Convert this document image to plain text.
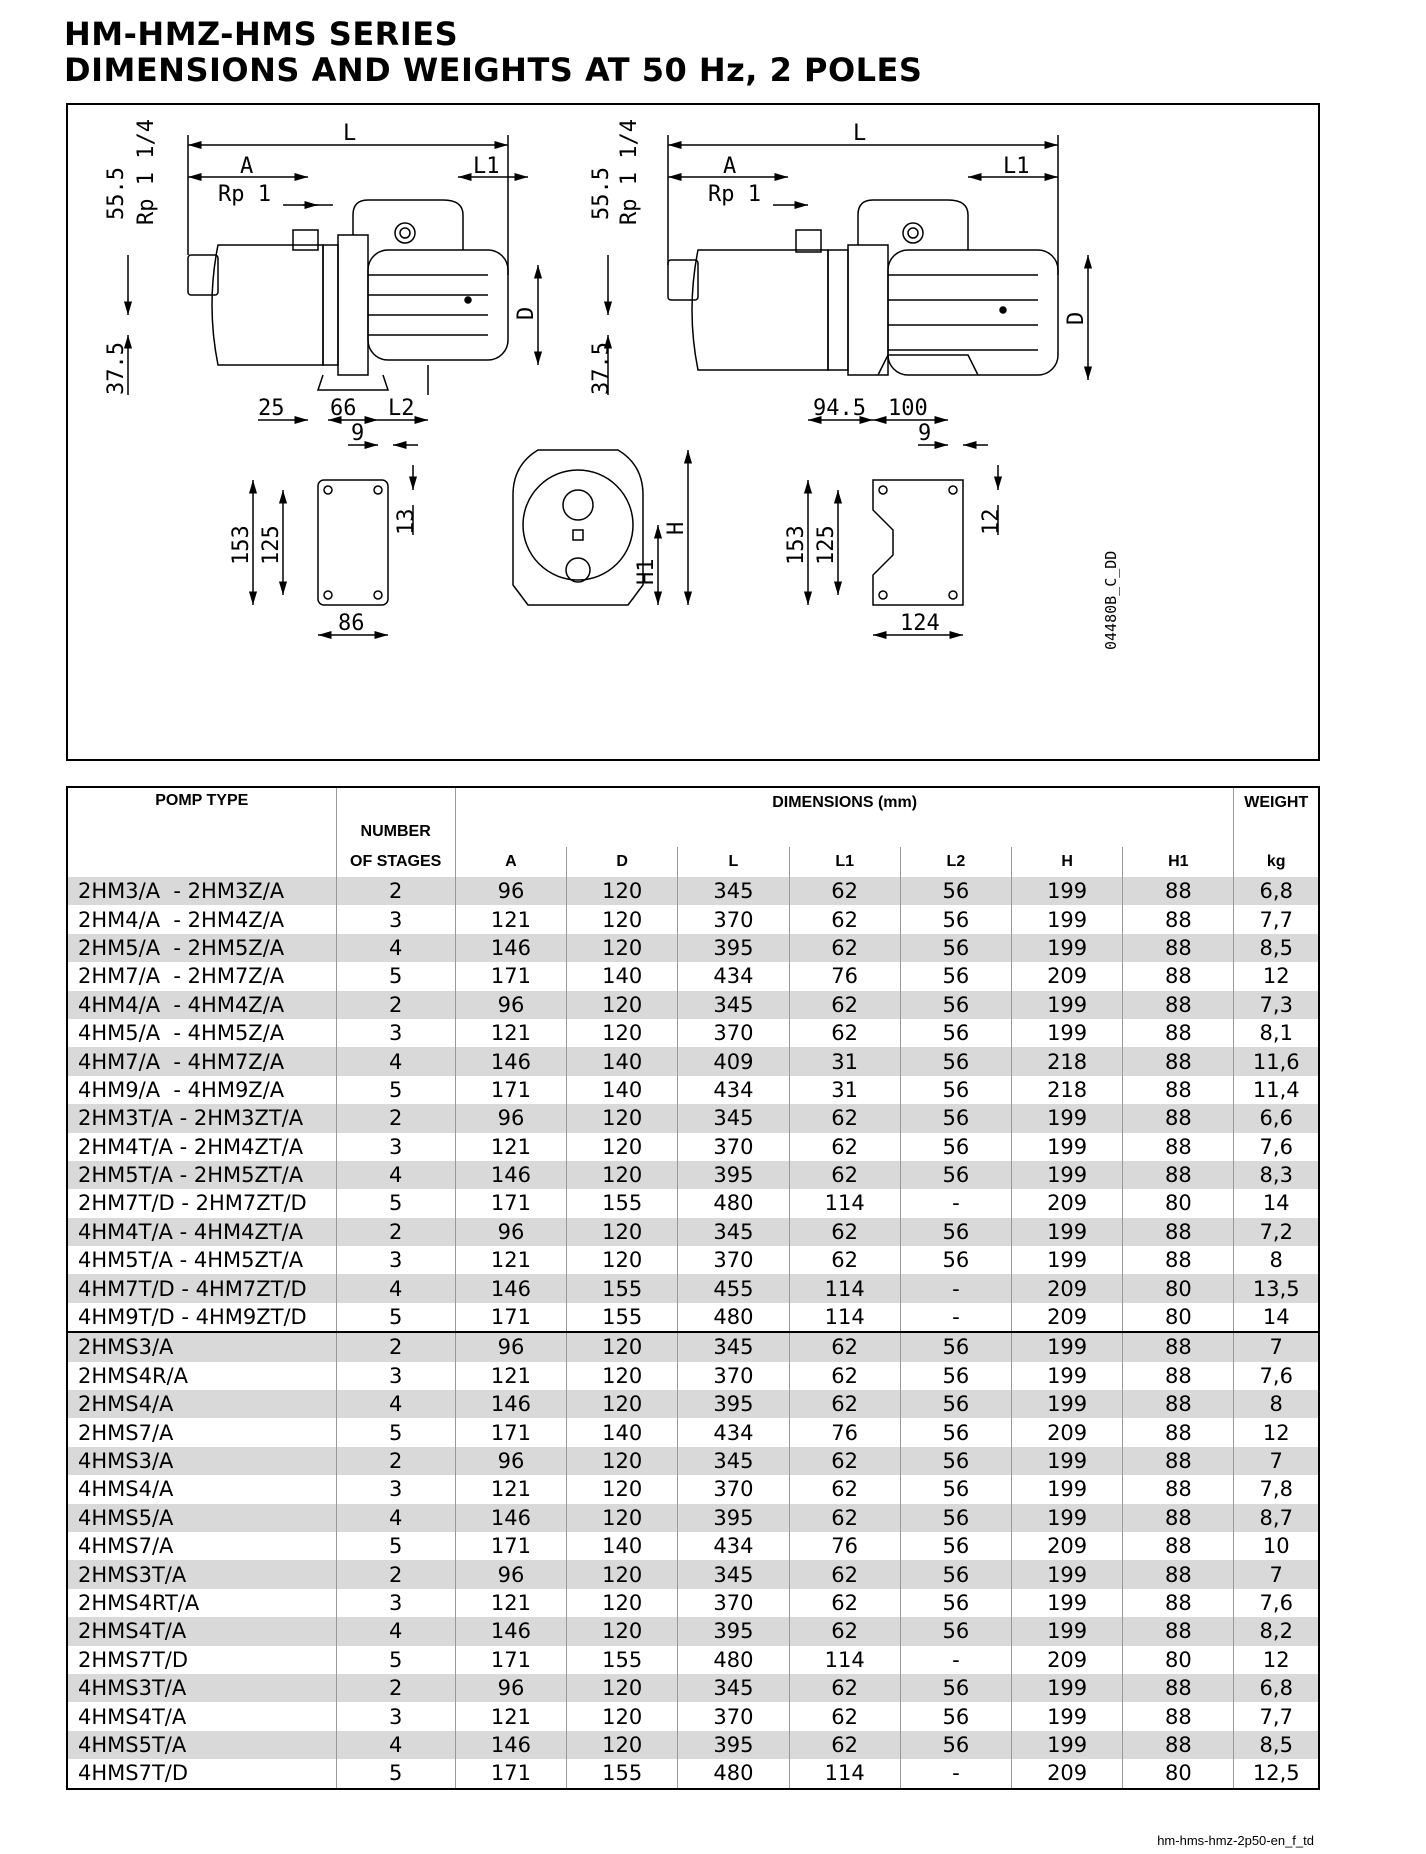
HM-HMZ-HMS SERIES
DIMENSIONS AND WEIGHTS AT 50 Hz, 2 POLES
L
A	L1
Rp 1
Rp 1 1/4
55.5
37.5
D
25 66 L2
L
A	L1
Rp 1
Rp 1 1/4
55.5
37.5
D
94.5 100
9
13
153 125
86
H
H1
9
12
153 125
124	04480B_C_DD
POMP TYPE		DIMENSIONS (mm)							WEIGHT
	NUMBER								
	OF STAGES	A	D	L	L1	L2	H	H1	kg
2HM3/A  - 2HM3Z/A	2	96	120	345	62	56	199	88	6,8
2HM4/A  - 2HM4Z/A	3	121	120	370	62	56	199	88	7,7
2HM5/A  - 2HM5Z/A	4	146	120	395	62	56	199	88	8,5
2HM7/A  - 2HM7Z/A	5	171	140	434	76	56	209	88	12
4HM4/A  - 4HM4Z/A	2	96	120	345	62	56	199	88	7,3
4HM5/A  - 4HM5Z/A	3	121	120	370	62	56	199	88	8,1
4HM7/A  - 4HM7Z/A	4	146	140	409	31	56	218	88	11,6
4HM9/A  - 4HM9Z/A	5	171	140	434	31	56	218	88	11,4
2HM3T/A - 2HM3ZT/A	2	96	120	345	62	56	199	88	6,6
2HM4T/A - 2HM4ZT/A	3	121	120	370	62	56	199	88	7,6
2HM5T/A - 2HM5ZT/A	4	146	120	395	62	56	199	88	8,3
2HM7T/D - 2HM7ZT/D	5	171	155	480	114	-	209	80	14
4HM4T/A - 4HM4ZT/A	2	96	120	345	62	56	199	88	7,2
4HM5T/A - 4HM5ZT/A	3	121	120	370	62	56	199	88	8
4HM7T/D - 4HM7ZT/D	4	146	155	455	114	-	209	80	13,5
4HM9T/D - 4HM9ZT/D	5	171	155	480	114	-	209	80	14
2HMS3/A	2	96	120	345	62	56	199	88	7
2HMS4R/A	3	121	120	370	62	56	199	88	7,6
2HMS4/A	4	146	120	395	62	56	199	88	8
2HMS7/A	5	171	140	434	76	56	209	88	12
4HMS3/A	2	96	120	345	62	56	199	88	7
4HMS4/A	3	121	120	370	62	56	199	88	7,8
4HMS5/A	4	146	120	395	62	56	199	88	8,7
4HMS7/A	5	171	140	434	76	56	209	88	10
2HMS3T/A	2	96	120	345	62	56	199	88	7
2HMS4RT/A	3	121	120	370	62	56	199	88	7,6
2HMS4T/A	4	146	120	395	62	56	199	88	8,2
2HMS7T/D	5	171	155	480	114	-	209	80	12
4HMS3T/A	2	96	120	345	62	56	199	88	6,8
4HMS4T/A	3	121	120	370	62	56	199	88	7,7
4HMS5T/A	4	146	120	395	62	56	199	88	8,5
4HMS7T/D	5	171	155	480	114	-	209	80	12,5
hm-hms-hmz-2p50-en_f_td
